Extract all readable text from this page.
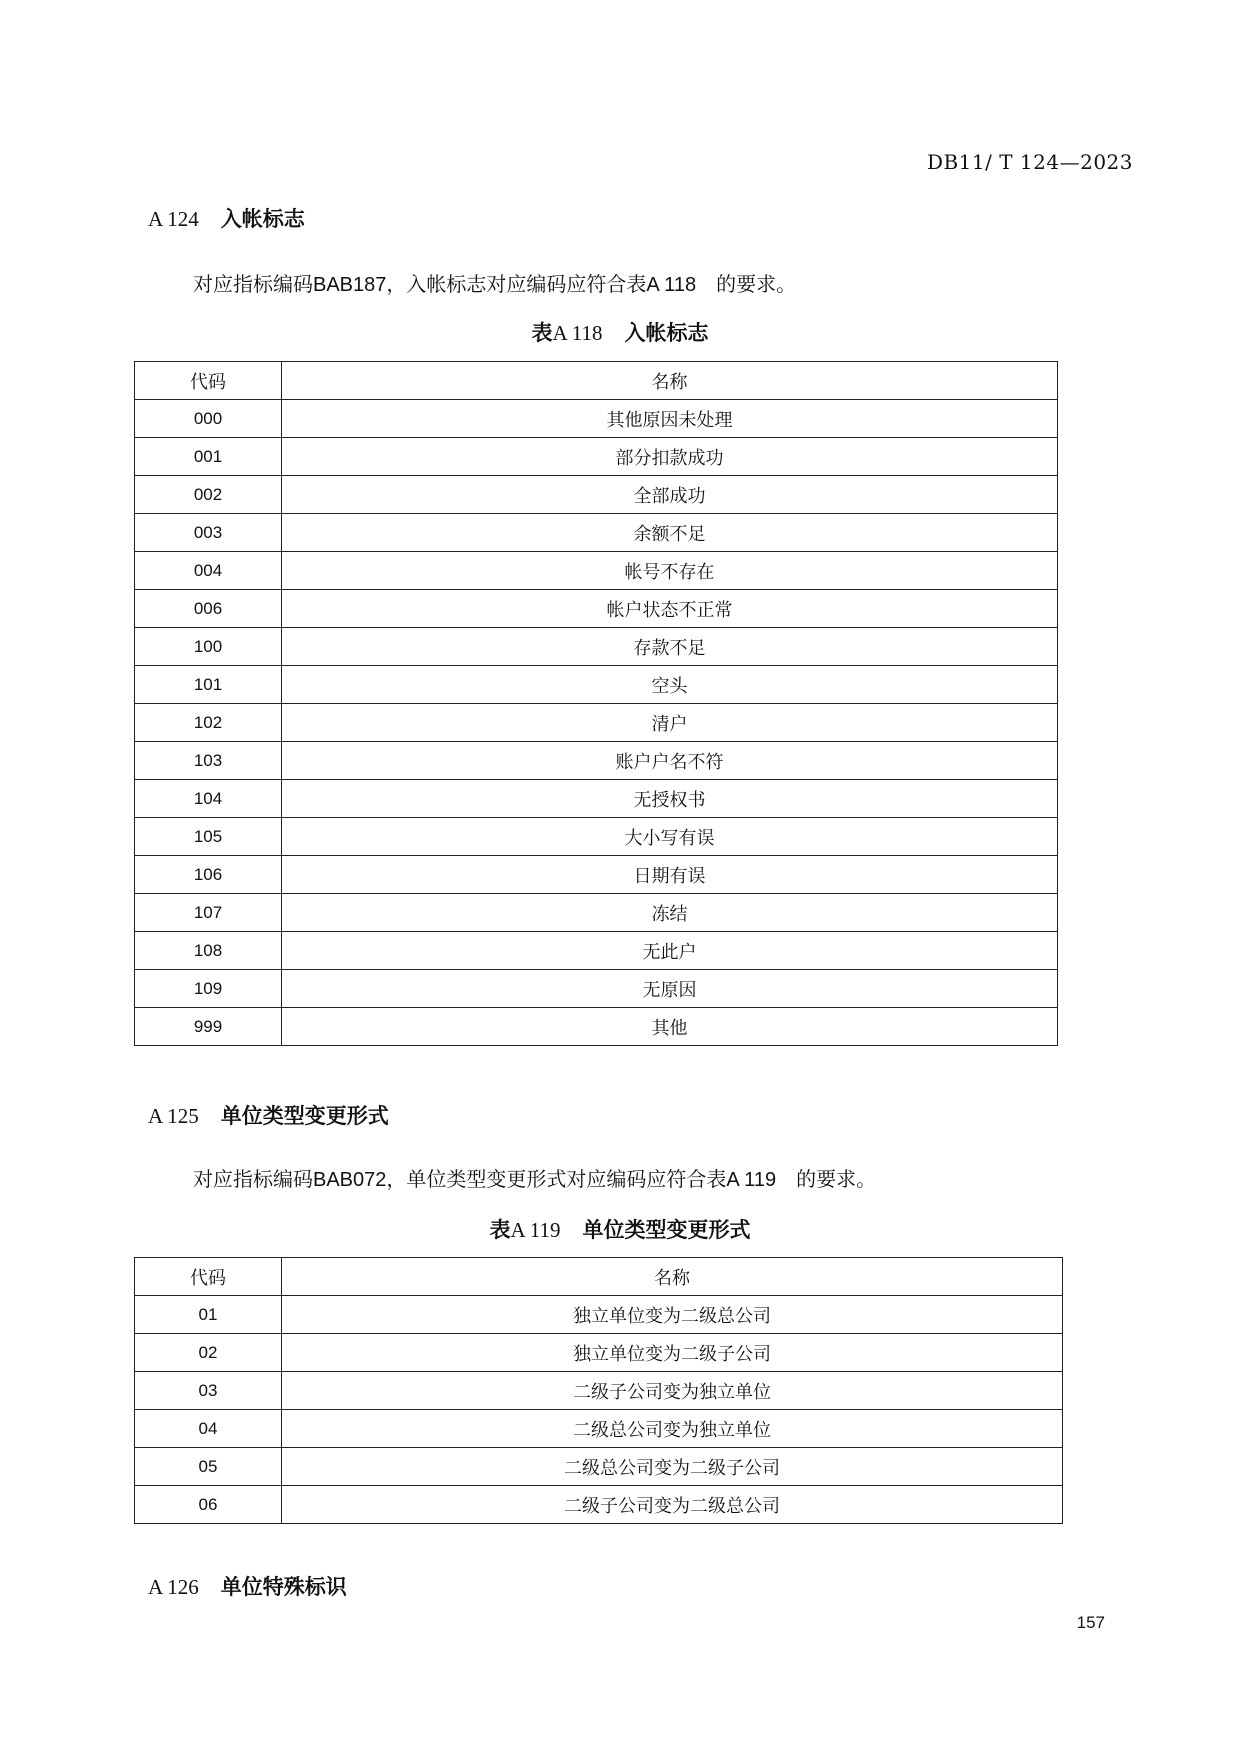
DB11/ T 124—2023
A 124 入帐标志
对应指标编码BAB187，入帐标志对应编码应符合表A 118 的要求。
表A 118 入帐标志
代码	名称
000	其他原因未处理
001	部分扣款成功
002	全部成功
003	余额不足
004	帐号不存在
006	帐户状态不正常
100	存款不足
101	空头
102	清户
103	账户户名不符
104	无授权书
105	大小写有误
106	日期有误
107	冻结
108	无此户
109	无原因
999	其他
A 125 单位类型变更形式
对应指标编码BAB072，单位类型变更形式对应编码应符合表A 119 的要求。
表A 119 单位类型变更形式
代码	名称
01	独立单位变为二级总公司
02	独立单位变为二级子公司
03	二级子公司变为独立单位
04	二级总公司变为独立单位
05	二级总公司变为二级子公司
06	二级子公司变为二级总公司
A 126 单位特殊标识
157
